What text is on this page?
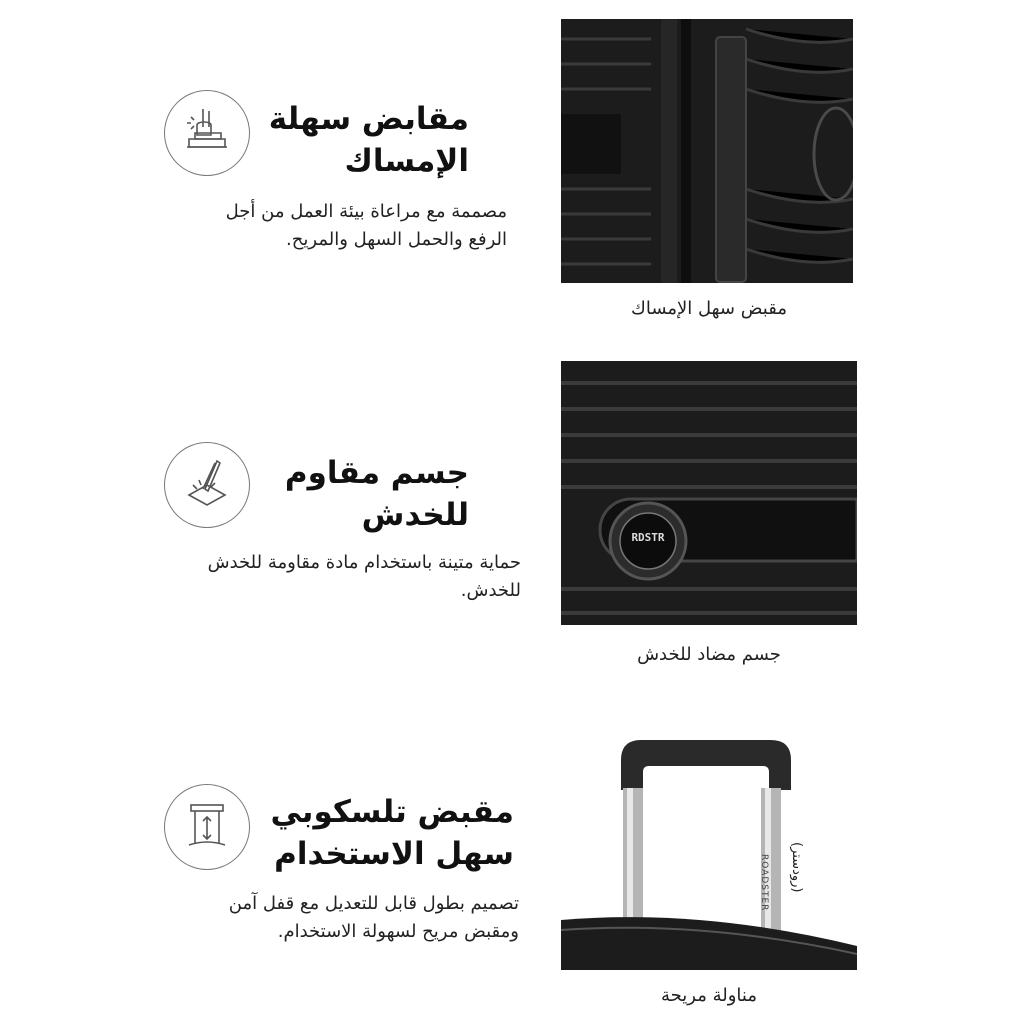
مقابض سهلة
الإمساك

مصممة مع مراعاة بيئة العمل من أجل
الرفع والحمل السهل والمريح.

مقبض سهل الإمساك

جسم مقاوم
للخدش

حماية متينة باستخدام مادة مقاومة للخدش
للخدش.

RDSTR
جسم مضاد للخدش

مقبض تلسكوبي
سهل الاستخدام

تصميم بطول قابل للتعديل مع قفل آمن
ومقبض مريح لسهولة الاستخدام.

ROADSTER
(رودستر)
مناولة مريحة
